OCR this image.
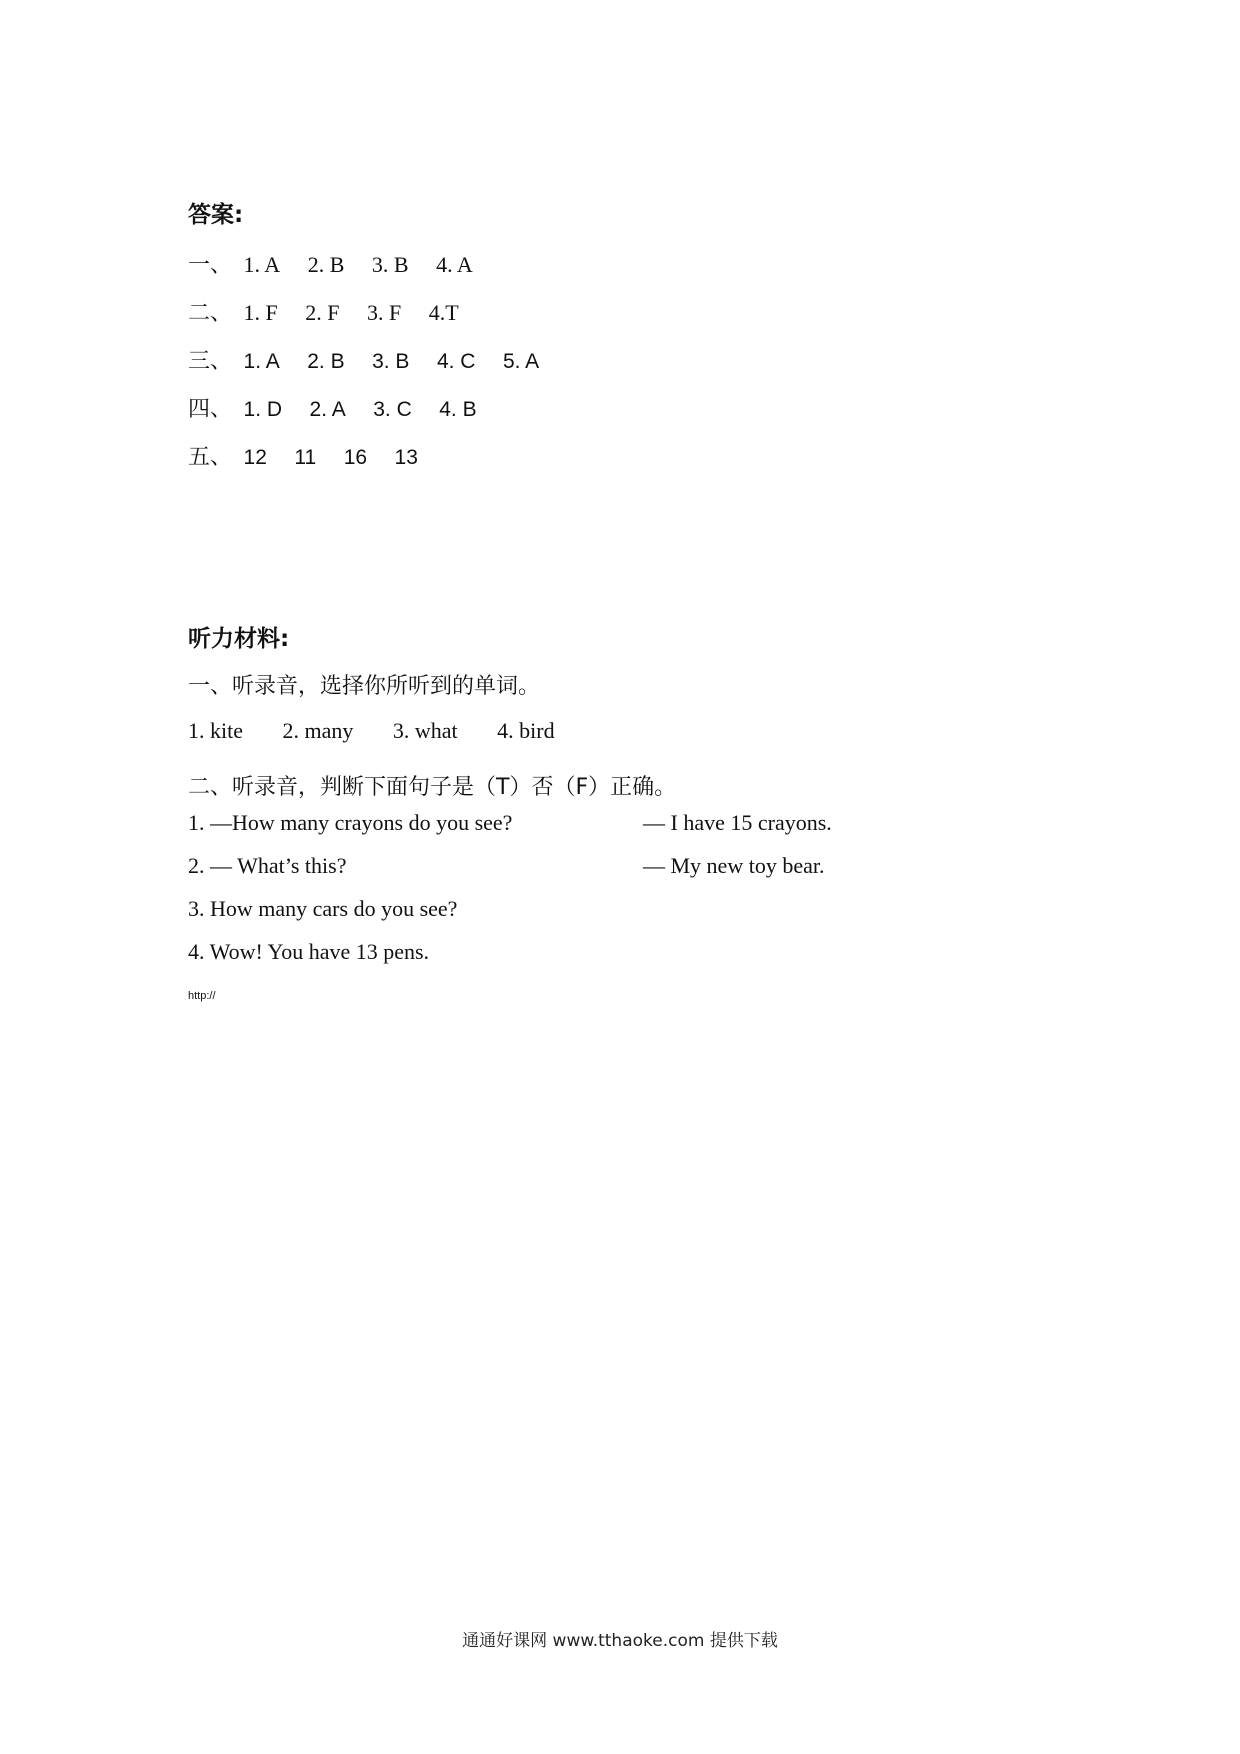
答案:
一、 1. A 2. B 3. B 4. A
二、 1. F 2. F 3. F 4.T
三、 1. A 2. B 3. B 4. C 5. A
四、 1. D 2. A 3. C 4. B
五、 12 11 16 13
听力材料:
一、听录音，选择你所听到的单词。
1. kite 2. many 3. what 4. bird
二、听录音，判断下面句子是（T）否（F）正确。
1. —How many crayons do you see?	— I have 15 crayons.
2. — What’s this?	— My new toy bear.
3. How many cars do you see?
4. Wow! You have 13 pens.
http://
通通好课网 www.tthaoke.com 提供下载
